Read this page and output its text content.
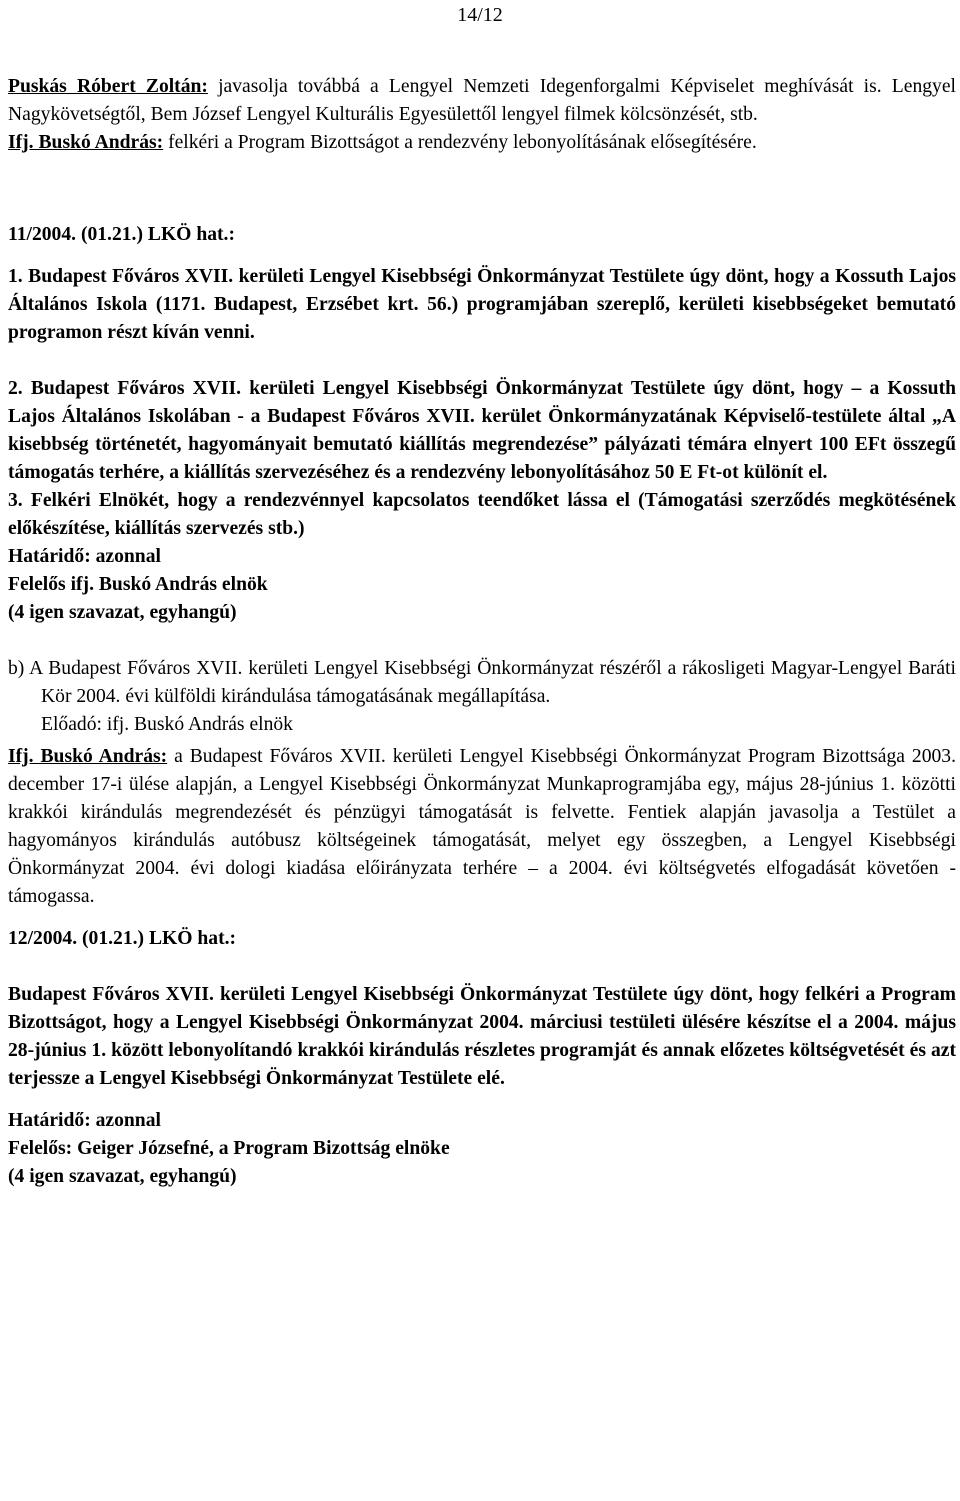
14/12

Puskás Róbert Zoltán: javasolja továbbá a Lengyel Nemzeti Idegenforgalmi Képviselet meghívását is. Lengyel Nagykövetségtől, Bem József Lengyel Kulturális Egyesülettől lengyel filmek kölcsönzését, stb.

Ifj. Buskó András: felkéri a Program Bizottságot a rendezvény lebonyolításának elősegítésére.

11/2004. (01.21.) LKÖ hat.:

1. Budapest Főváros XVII. kerületi Lengyel Kisebbségi Önkormányzat Testülete úgy dönt, hogy a Kossuth Lajos Általános Iskola (1171. Budapest, Erzsébet krt. 56.) programjában szereplő, kerületi kisebbségeket bemutató programon részt kíván venni.

2. Budapest Főváros XVII. kerületi Lengyel Kisebbségi Önkormányzat Testülete úgy dönt, hogy – a Kossuth Lajos Általános Iskolában - a Budapest Főváros XVII. kerület Önkormányzatának Képviselő-testülete által „A kisebbség történetét, hagyományait bemutató kiállítás megrendezése” pályázati témára elnyert 100 EFt összegű támogatás terhére, a kiállítás szervezéséhez és a rendezvény lebonyolításához 50 E Ft-ot különít el.

3. Felkéri Elnökét, hogy a rendezvénnyel kapcsolatos teendőket lássa el (Támogatási szerződés megkötésének előkészítése, kiállítás szervezés stb.)

Határidő: azonnal

Felelős ifj. Buskó András elnök

(4 igen szavazat, egyhangú)

b) A Budapest Főváros XVII. kerületi Lengyel Kisebbségi Önkormányzat részéről a rákosligeti Magyar-Lengyel Baráti Kör 2004. évi külföldi kirándulása támogatásának megállapítása.

Előadó: ifj. Buskó András elnök

Ifj. Buskó András: a Budapest Főváros XVII. kerületi Lengyel Kisebbségi Önkormányzat Program Bizottsága 2003. december 17-i ülése alapján, a Lengyel Kisebbségi Önkormányzat Munkaprogramjába egy, május 28-június 1. közötti krakkói kirándulás megrendezését és pénzügyi támogatását is felvette. Fentiek alapján javasolja a Testület a hagyományos kirándulás autóbusz költségeinek támogatását, melyet egy összegben, a Lengyel Kisebbségi Önkormányzat 2004. évi dologi kiadása előirányzata terhére – a 2004. évi költségvetés elfogadását követően - támogassa.

12/2004. (01.21.) LKÖ hat.:

Budapest Főváros XVII. kerületi Lengyel Kisebbségi Önkormányzat Testülete úgy dönt, hogy felkéri a Program Bizottságot, hogy a Lengyel Kisebbségi Önkormányzat 2004. márciusi testületi ülésére készítse el a 2004. május 28-június 1. között lebonyolítandó krakkói kirándulás részletes programját és annak előzetes költségvetését és azt terjessze a Lengyel Kisebbségi Önkormányzat Testülete elé.

Határidő: azonnal

Felelős: Geiger Józsefné, a Program Bizottság elnöke

(4 igen szavazat, egyhangú)
